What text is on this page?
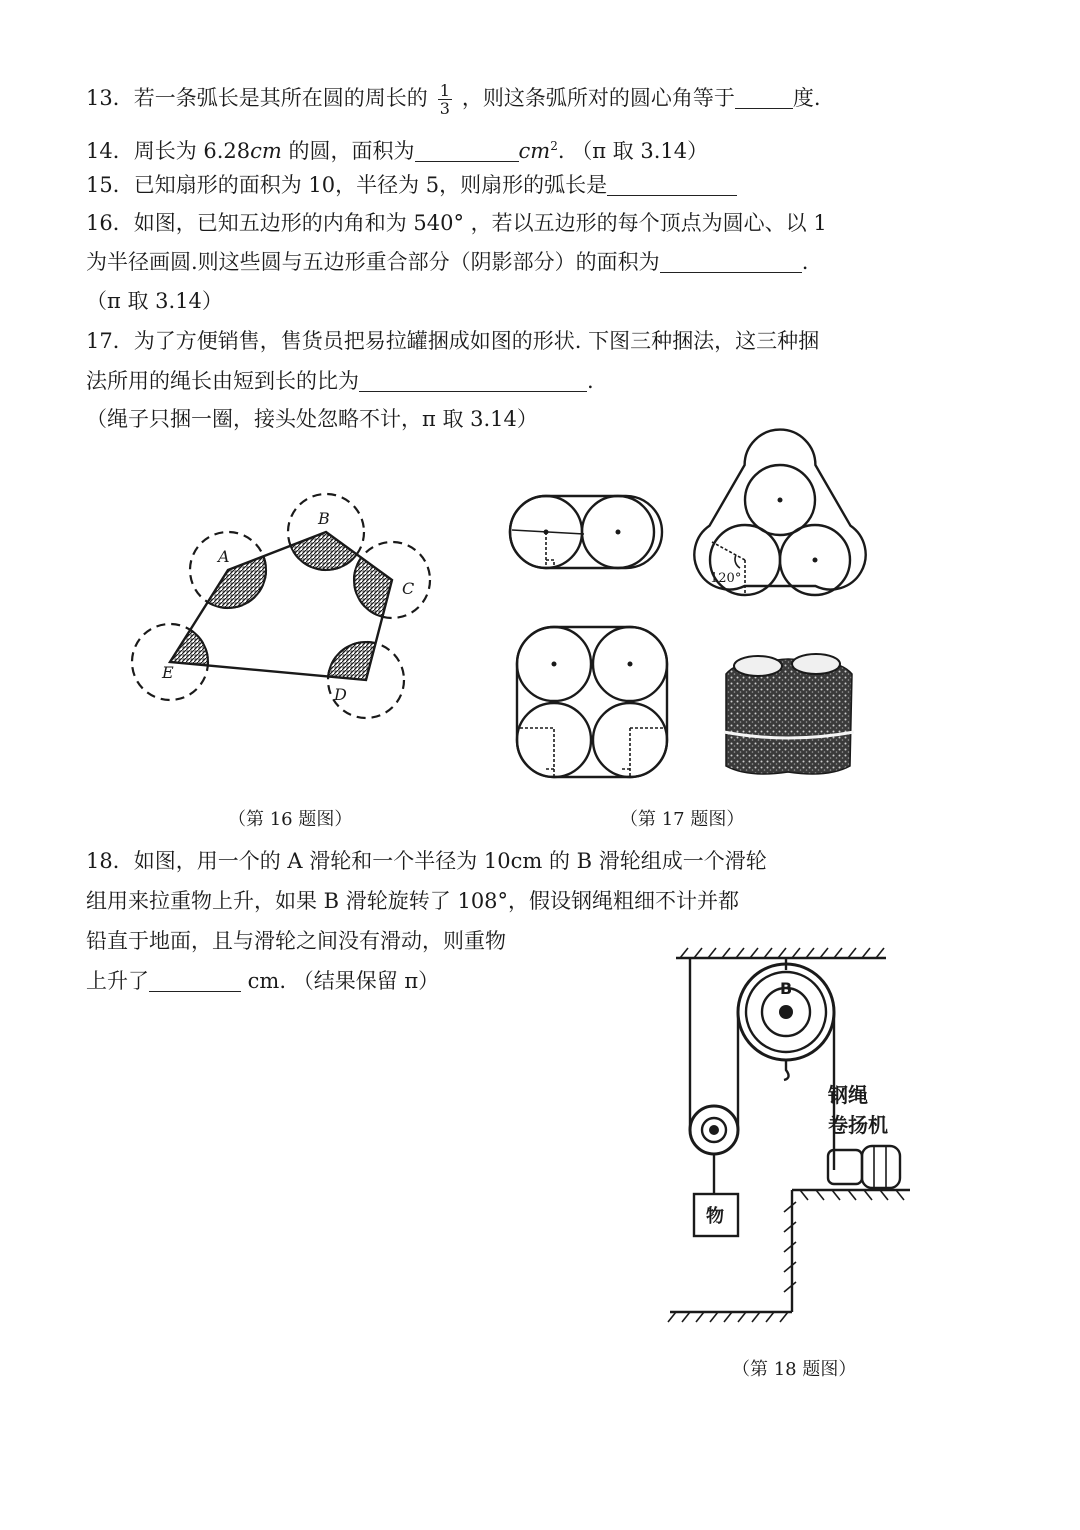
13．若一条弧长是其所在圆的周长的 $\frac{1}{3}$ ，则这条弧所对的圆心角等于	度.
14．周长为 6.28cm 的圆，面积为	$cm^2$. （π 取 3.14）
15．已知扇形的面积为 10，半径为 5，则扇形的弧长是
16．如图，已知五边形的内角和为 540° ，若以五边形的每个顶点为圆心、以 1
为半径画圆.则这些圆与五边形重合部分（阴影部分）的面积为	.
（π 取 3.14）
17．为了方便销售，售货员把易拉罐捆成如图的形状. 下图三种捆法，这三种捆
法所用的绳长由短到长的比为	.
（绳子只捆一圈，接头处忽略不计，π 取 3.14）
A
B
C
D
E
（第 16 题图）
120°
（第 17 题图）
18．如图，用一个的 A 滑轮和一个半径为 10cm 的 B 滑轮组成一个滑轮
组用来拉重物上升，如果 B 滑轮旋转了 108°，假设钢绳粗细不计并都
铅直于地面，且与滑轮之间没有滑动，则重物
上升了	cm. （结果保留 π）	B
物
钢绳
卷扬机
（第 18 题图）
